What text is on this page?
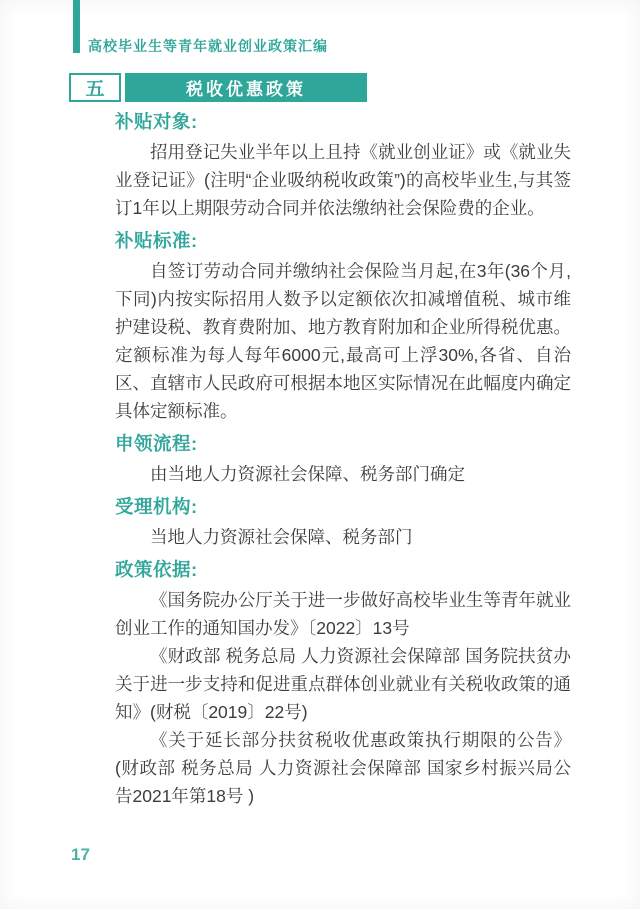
高校毕业生等青年就业创业政策汇编
五	税收优惠政策
补贴对象:

招用登记失业半年以上且持《就业创业证》或《就业失业登记证》(注明“企业吸纳税收政策”)的高校毕业生,与其签订1年以上期限劳动合同并依法缴纳社会保险费的企业。

补贴标准:

自签订劳动合同并缴纳社会保险当月起,在3年(36个月,下同)内按实际招用人数予以定额依次扣减增值税、城市维护建设税、教育费附加、地方教育附加和企业所得税优惠。定额标准为每人每年6000元,最高可上浮30%,各省、自治区、直辖市人民政府可根据本地区实际情况在此幅度内确定具体定额标准。

申领流程:

由当地人力资源社会保障、税务部门确定

受理机构:

当地人力资源社会保障、税务部门

政策依据:

《国务院办公厅关于进一步做好高校毕业生等青年就业创业工作的通知国办发》〔2022〕13号

《财政部 税务总局 人力资源社会保障部 国务院扶贫办关于进一步支持和促进重点群体创业就业有关税收政策的通知》(财税〔2019〕22号)

《关于延长部分扶贫税收优惠政策执行期限的公告》(财政部 税务总局 人力资源社会保障部 国家乡村振兴局公告2021年第18号 )

17
